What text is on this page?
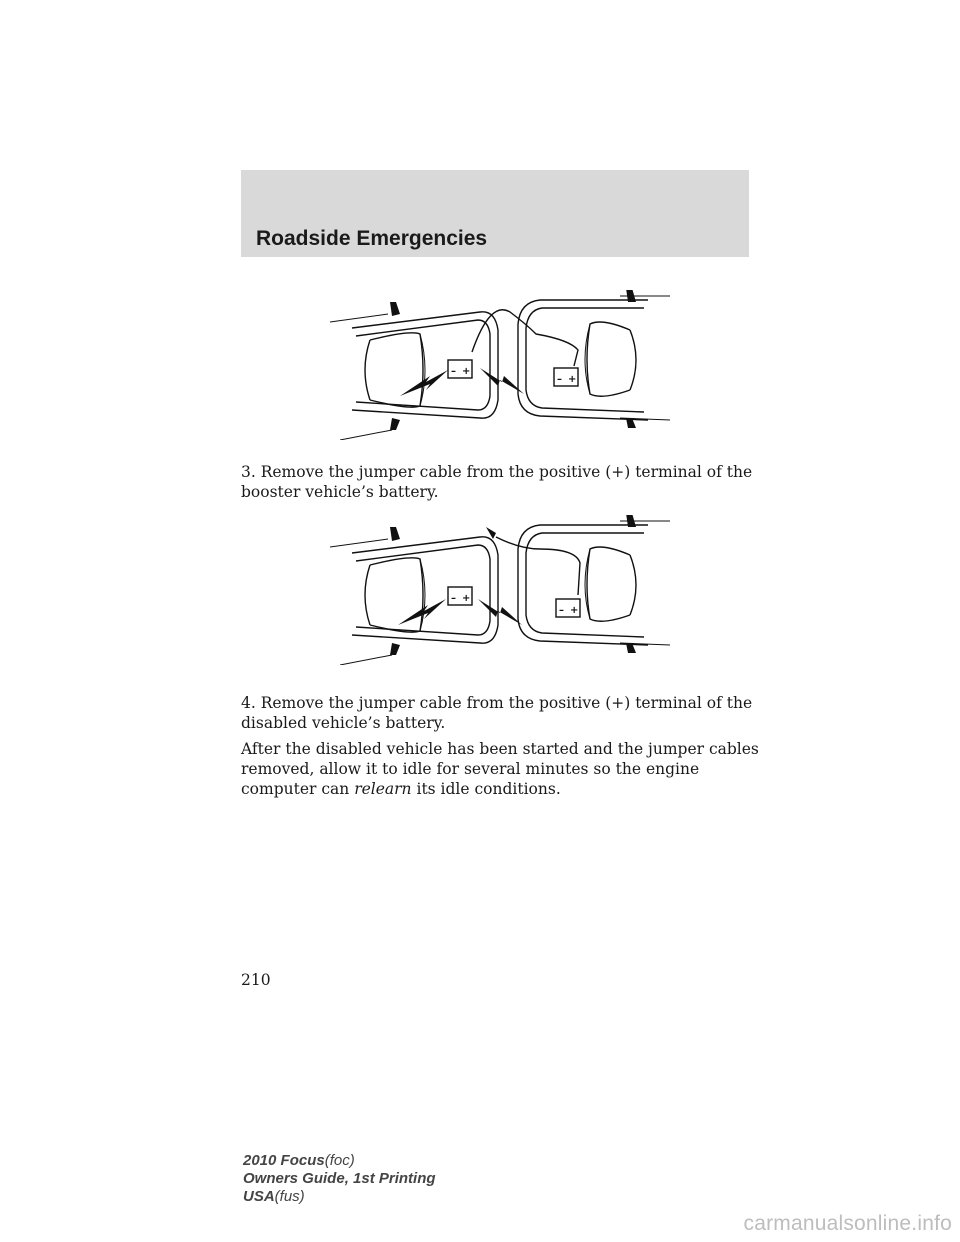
Roadside Emergencies
– +
– +

3. Remove the jumper cable from the positive (+) terminal of the booster vehicle’s battery.

– +
– +

4. Remove the jumper cable from the positive (+) terminal of the disabled vehicle’s battery.

After the disabled vehicle has been started and the jumper cables removed, allow it to idle for several minutes so the engine computer can relearn its idle conditions.

210
2010 Focus(foc)
Owners Guide, 1st Printing
USA(fus)
carmanualsonline.info
